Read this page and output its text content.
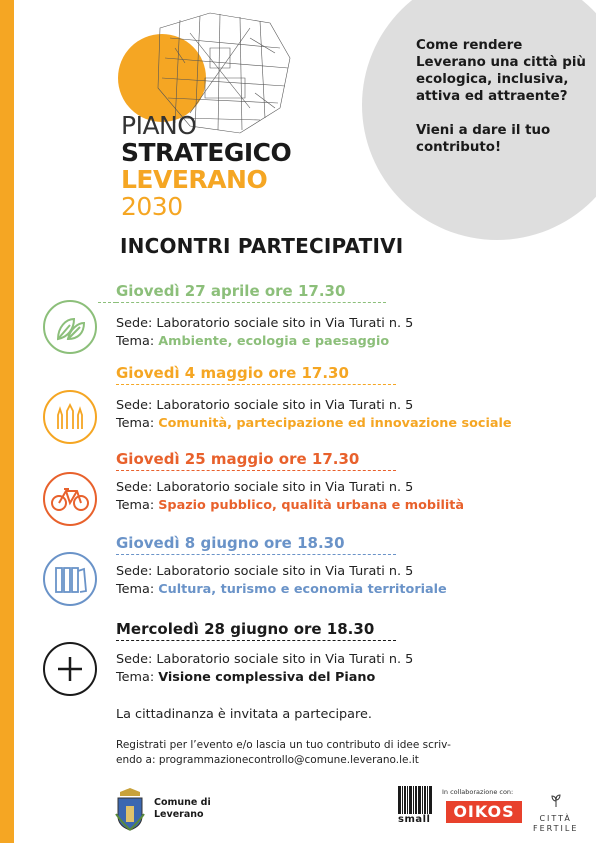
PIANO
STRATEGICO
LEVERANO
2030

Come rendere Leverano una città più ecologica, inclusiva, attiva ed attraente?

Vieni a dare il tuo contributo!

INCONTRI PARTECIPATIVI
Giovedì 27 aprile ore 17.30
Sede: Laboratorio sociale sito in Via Turati n. 5
Tema: Ambiente, ecologia e paesaggio
Giovedì 4 maggio ore 17.30
Sede: Laboratorio sociale sito in Via Turati n. 5
Tema: Comunità, partecipazione ed innovazione sociale
Giovedì 25 maggio ore 17.30
Sede: Laboratorio sociale sito in Via Turati n. 5
Tema: Spazio pubblico, qualità urbana e mobilità
Giovedì 8 giugno ore 18.30
Sede: Laboratorio sociale sito in Via Turati n. 5
Tema: Cultura, turismo e economia territoriale
Mercoledì 28 giugno ore 18.30
Sede: Laboratorio sociale sito in Via Turati n. 5
Tema: Visione complessiva del Piano
La cittadinanza è invitata a partecipare.
Registrati per l’evento e/o lascia un tuo contributo di idee scriv-
endo a: programmazionecontrollo@comune.leverano.le.it
Comune di
Leverano	small
In collaborazione con:
OIKOS	CITTÀ
FERTILE
